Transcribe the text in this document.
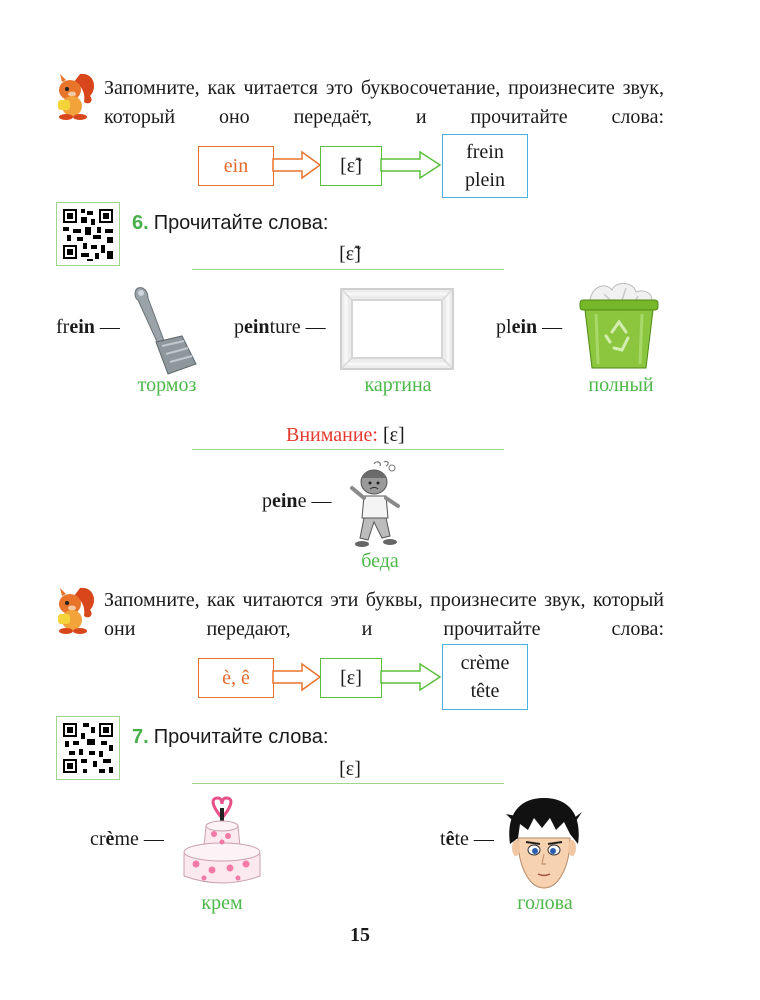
Запомните, как читается это буквосочетание, произнесите звук, который оно передаёт, и прочитайте слова:
ein	[ɛ̃]
frein
plein
6. Прочитайте слова:
[ɛ̃]
frein —
тормоз
peinture —
картина
plein —
полный
Внимание: [ɛ]
peine —
беда
Запомните, как читаются эти буквы, произнесите звук, который они передают, и прочитайте слова:
è, ê	[ɛ]
crème
tête
7. Прочитайте слова:
[ɛ]
crème —
крем
tête —
голова
15
